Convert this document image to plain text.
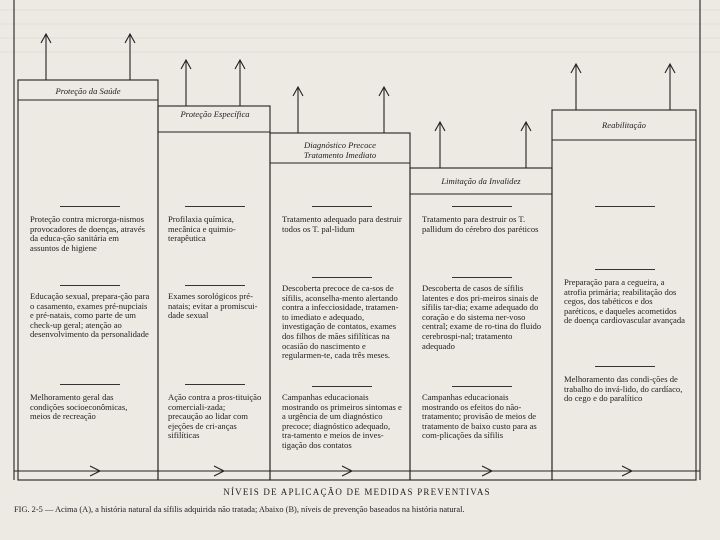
Proteção da Saúde
Proteção Específica
Diagnóstico Precoce Tratamento Imediato
Limitação da Invalidez
Reabilitação
Proteção contra microrga-nismos provocadores de doenças, através da educa-ção sanitária em assuntos de higiene
Educação sexual, prepara-ção para o casamento, exames pré-nupciais e pré-natais, como parte de um check-up geral; atenção ao desenvolvimento da personalidade
Melhoramento geral das condições socioeconômicas, meios de recreação
Profilaxia química, mecânica e quimio-terapêutica
Exames sorológicos pré-natais; evitar a promiscui-dade sexual
Ação contra a pros-tituição comerciali-zada; precaução ao lidar com ejeções de cri-anças sifilíticas
Tratamento adequado para destruir todos os T. pal-lidum
Descoberta precoce de ca-sos de sífilis, aconselha-mento alertando contra a infecciosidade, tratamen-to imediato e adequado, investigação de contatos, exames dos filhos de mães sifilíticas na ocasião do nascimento e regularmen-te, cada três meses.
Campanhas educacionais mostrando os primeiros sintomas e a urgência de um diagnóstico precoce; diagnóstico adequado, tra-tamento e meios de inves-tigação dos contatos
Tratamento para destruir os T. pallidum do cérebro dos paréticos
Descoberta de casos de sífilis latentes e dos pri-meiros sinais de sífilis tar-dia; exame adequado do coração e do sistema ner-voso central; exame de ro-tina do fluido cerebrospi-nal; tratamento adequado
Campanhas educacionais mostrando os efeitos do não-tratamento; provisão de meios de tratamento de baixo custo para as com-plicações da sífilis
Preparação para a cegueira, a atrofia primária; reabilitação dos cegos, dos tabéticos e dos paréticos, e daqueles acometidos de doença cardiovascular avançada
Melhoramento das condi-ções de trabalho do invá-lido, do cardíaco, do cego e do paralítico
NÍVEIS DE APLICAÇÃO DE MEDIDAS PREVENTIVAS
FIG. 2-5 — Acima (A), a história natural da sífilis adquirida não tratada; Abaixo (B), níveis de prevenção baseados na história natural.
